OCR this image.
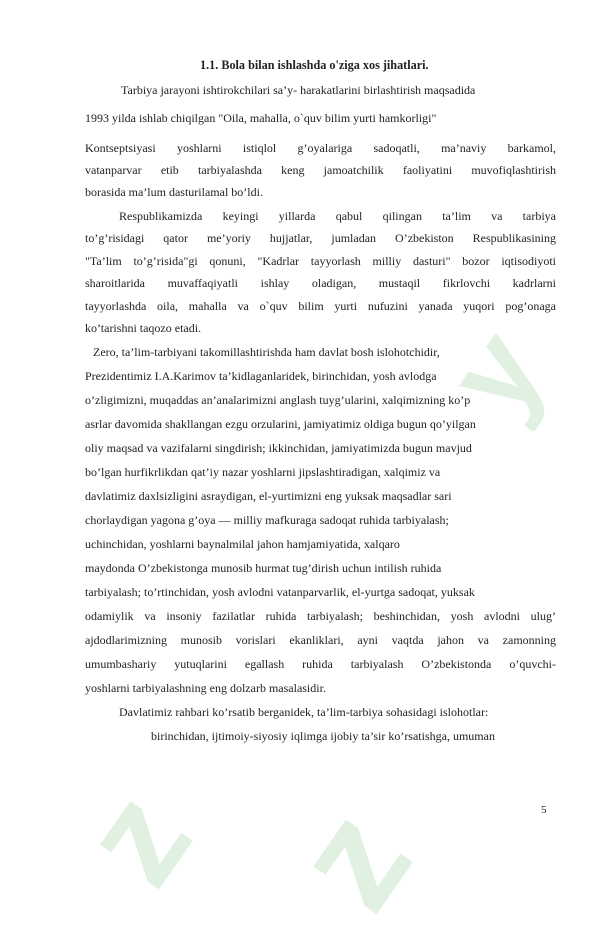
z z
y
1.1. Bola bilan ishlashda o'ziga xos jihatlari.
Tarbiya jarayoni ishtirokchilari sa’y- harakatlarini birlashtirish maqsadida
1993 yilda ishlab chiqilgan "Oila, mahalla, o`quv bilim yurti hamkorligi"
Kontseptsiyasi yoshlarni istiqlol g’oyalariga sadoqatli, ma’naviy barkamol,
vatanparvar etib tarbiyalashda keng jamoatchilik faoliyatini muvofiqlashtirish
borasida ma’lum dasturilamal bo’ldi.
Respublikamizda keyingi yillarda qabul qilingan ta’lim va tarbiya
to’g’risidagi qator me’yoriy hujjatlar, jumladan O’zbekiston Respublikasining
"Ta’lim to’g’risida"gi qonuni, "Kadrlar tayyorlash milliy dasturi" bozor iqtisodiyoti
sharoitlarida muvaffaqiyatli ishlay oladigan, mustaqil fikrlovchi kadrlarni
tayyorlashda oila, mahalla va o`quv bilim yurti nufuzini yanada yuqori pog’onaga
ko’tarishni taqozo etadi.
Zero, ta’lim-tarbiyani takomillashtirishda ham davlat bosh islohotchidir,
Prezidentimiz I.A.Karimov ta’kidlaganlaridek, birinchidan, yosh avlodga
o’zligimizni, muqaddas an’analarimizni anglash tuyg’ularini, xalqimizning ko’p
asrlar davomida shakllangan ezgu orzularini, jamiyatimiz oldiga bugun qo’yilgan
oliy maqsad va vazifalarni singdirish; ikkinchidan, jamiyatimizda bugun mavjud
bo’lgan hurfikrlikdan qat’iy nazar yoshlarni jipslashtiradigan, xalqimiz va
davlatimiz daxlsizligini asraydigan, el-yurtimizni eng yuksak maqsadlar sari
chorlaydigan yagona g’oya — milliy mafkuraga sadoqat ruhida tarbiyalash;
uchinchidan, yoshlarni baynalmilal jahon hamjamiyatida, xalqaro
maydonda O’zbekistonga munosib hurmat tug’dirish uchun intilish ruhida
tarbiyalash; to’rtinchidan, yosh avlodni vatanparvarlik, el-yurtga sadoqat, yuksak
odamiylik va insoniy fazilatlar ruhida tarbiyalash; beshinchidan, yosh avlodni ulug’
ajdodlarimizning munosib vorislari ekanliklari, ayni vaqtda jahon va zamonning
umumbashariy yutuqlarini egallash ruhida tarbiyalash O’zbekistonda o’quvchi-
yoshlarni tarbiyalashning eng dolzarb masalasidir.
Davlatimiz rahbari ko’rsatib berganidek, ta’lim-tarbiya sohasidagi islohotlar:
birinchidan, ijtimoiy-siyosiy iqlimga ijobiy ta’sir ko’rsatishga, umuman
5
